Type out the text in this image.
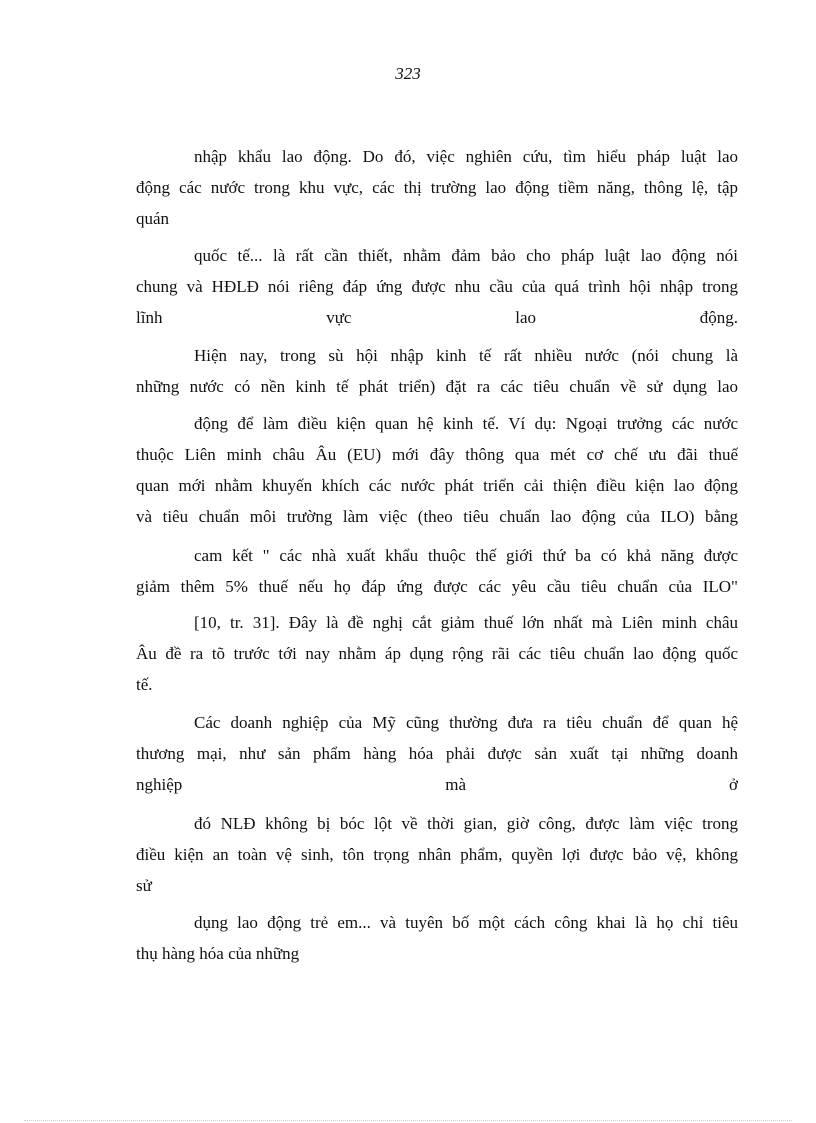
323
nhập khẩu lao động. Do đó, việc nghiên cứu, tìm hiểu pháp luật lao
động các nước trong khu vực, các thị trường lao động tiềm năng, thông lệ, tập
quán
quốc tế... là rất cần thiết, nhằm đảm bảo cho pháp luật lao động nói
chung và HĐLĐ nói riêng đáp ứng được nhu cầu của quá trình hội nhập trong
lĩnh vực lao động.
Hiện nay, trong sù hội nhập kinh tế rất nhiều nước (nói chung là
những nước có nền kinh tế phát triển) đặt ra các tiêu chuẩn về sử dụng lao
động để làm điều kiện quan hệ kinh tế. Ví dụ: Ngoại trưởng các nước
thuộc Liên minh châu Âu (EU) mới đây thông qua mét cơ chế ưu đãi thuế
quan mới nhằm khuyến khích các nước phát triển cải thiện điều kiện lao động
và tiêu chuẩn môi trường làm việc (theo tiêu chuẩn lao động của ILO) bằng
cam kết " các nhà xuất khẩu thuộc thế giới thứ ba có khả năng được
giảm thêm 5% thuế nếu họ đáp ứng được các yêu cầu tiêu chuẩn của ILO"
[10, tr. 31]. Đây là đề nghị cắt giảm thuế lớn nhất mà Liên minh châu
Âu đề ra tõ trước tới nay nhằm áp dụng rộng rãi các tiêu chuẩn lao động quốc
tế.
Các doanh nghiệp của Mỹ cũng thường đưa ra tiêu chuẩn để quan hệ
thương mại, như sản phẩm hàng hóa phải được sản xuất tại những doanh
nghiệp mà ở
đó NLĐ không bị bóc lột về thời gian, giờ công, được làm việc trong
điều kiện an toàn vệ sinh, tôn trọng nhân phẩm, quyền lợi được bảo vệ, không
sử
dụng lao động trẻ em... và tuyên bố một cách công khai là họ chỉ tiêu
thụ hàng hóa của những
